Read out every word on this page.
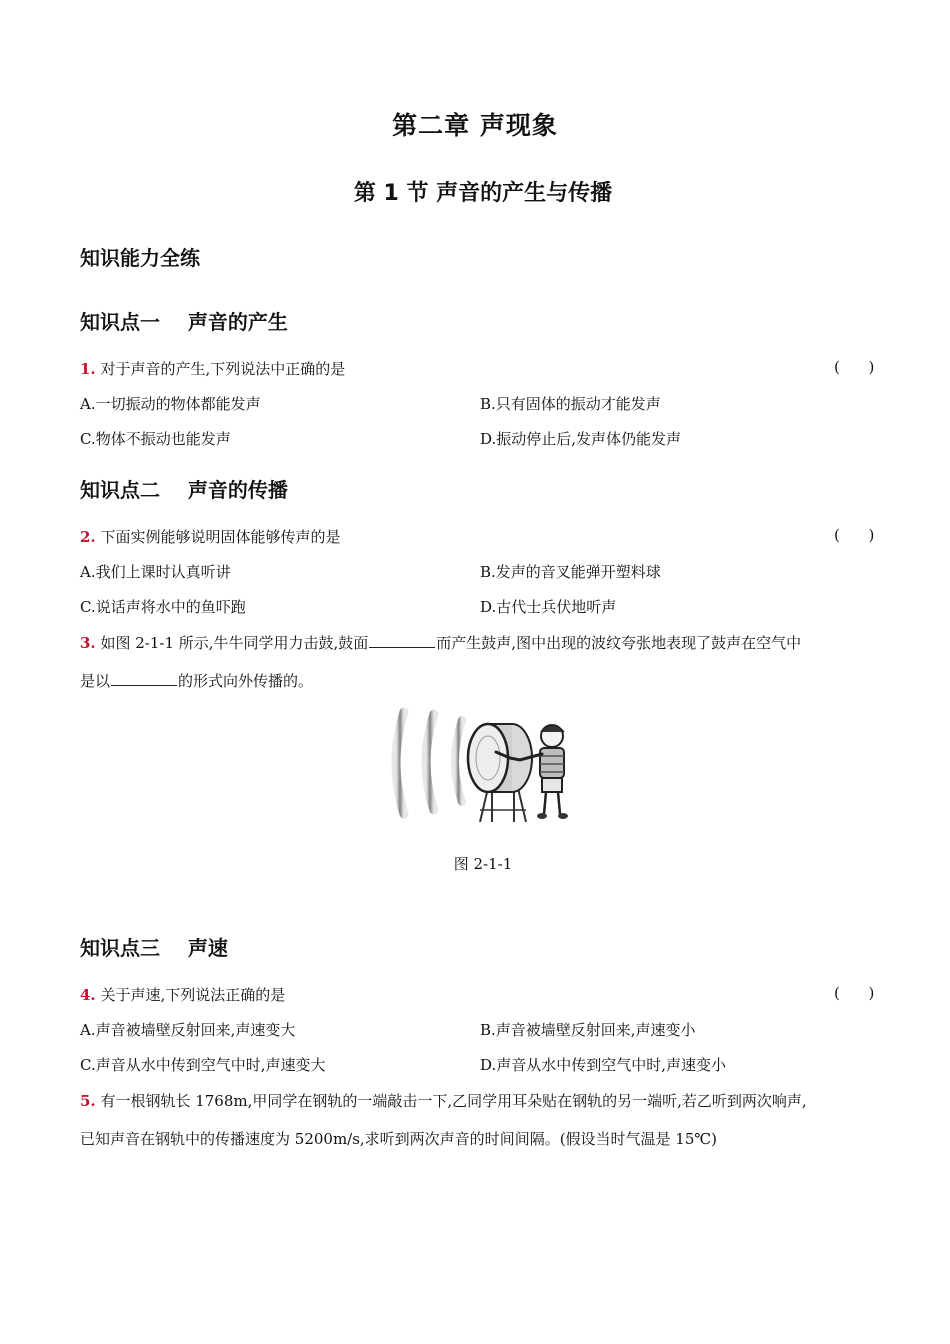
第二章 声现象
第 1 节 声音的产生与传播
知识能力全练
知识点一    声音的产生
1. 对于声音的产生,下列说法中正确的是	(      )
A.一切振动的物体都能发声	B.只有固体的振动才能发声
C.物体不振动也能发声	D.振动停止后,发声体仍能发声
知识点二    声音的传播
2. 下面实例能够说明固体能够传声的是	(      )
A.我们上课时认真听讲	B.发声的音叉能弹开塑料球
C.说话声将水中的鱼吓跑	D.古代士兵伏地听声
3. 如图 2-1-1 所示,牛牛同学用力击鼓,鼓面	而产生鼓声,图中出现的波纹夸张地表现了鼓声在空气中
是以	的形式向外传播的。
图 2-1-1
知识点三    声速
4. 关于声速,下列说法正确的是	(      )
A.声音被墙壁反射回来,声速变大	B.声音被墙壁反射回来,声速变小
C.声音从水中传到空气中时,声速变大	D.声音从水中传到空气中时,声速变小
5. 有一根钢轨长 1768m,甲同学在钢轨的一端敲击一下,乙同学用耳朵贴在钢轨的另一端听,若乙听到两次响声,
已知声音在钢轨中的传播速度为 5200m/s,求听到两次声音的时间间隔。(假设当时气温是 15℃)
